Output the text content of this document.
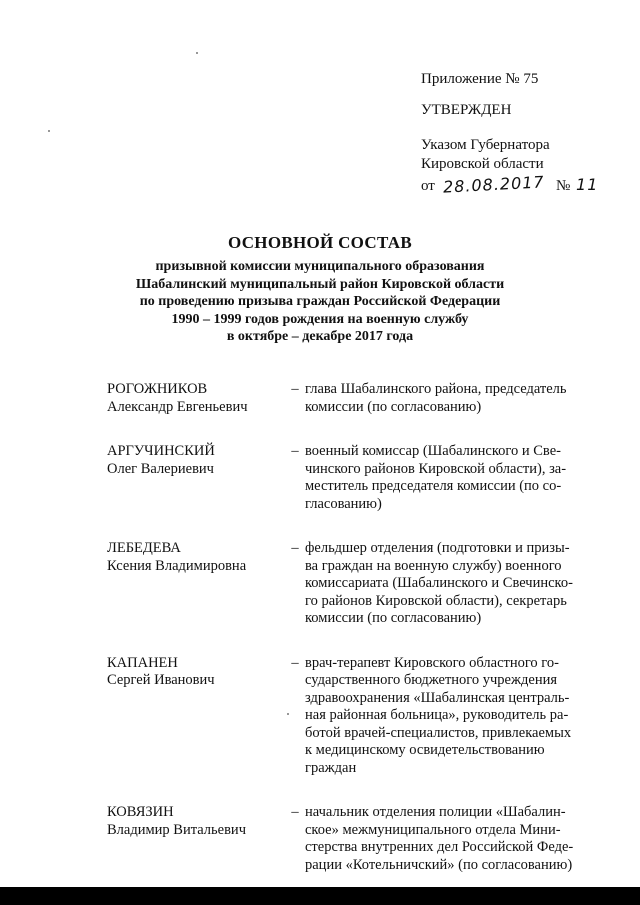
Приложение № 75
УТВЕРЖДЕН
Указом Губернатора
Кировской области
от 28.08.2017 № 11
ОСНОВНОЙ СОСТАВ
призывной комиссии муниципального образования
Шабалинский муниципальный район Кировской области
по проведению призыва граждан Российской Федерации
1990 – 1999 годов рождения на военную службу
в октябре – декабре 2017 года
РОГОЖНИКОВ
Александр Евгеньевич
– глава Шабалинского района, председатель
комиссии (по согласованию)
АРГУЧИНСКИЙ
Олег Валериевич
– военный комиссар (Шабалинского и Све-
чинского районов Кировской области), за-
меститель председателя комиссии (по со-
гласованию)
ЛЕБЕДЕВА
Ксения Владимировна
– фельдшер отделения (подготовки и призы-
ва граждан на военную службу) военного
комиссариата (Шабалинского и Свечинско-
го районов Кировской области), секретарь
комиссии (по согласованию)
КАПАНЕН
Сергей Иванович
– врач-терапевт Кировского областного го-
сударственного бюджетного учреждения
здравоохранения «Шабалинская централь-
ная районная больница», руководитель ра-
ботой врачей-специалистов, привлекаемых
к медицинскому освидетельствованию
граждан
КОВЯЗИН
Владимир Витальевич
– начальник отделения полиции «Шабалин-
ское» межмуниципального отдела Мини-
стерства внутренних дел Российской Феде-
рации «Котельничский» (по согласованию)
